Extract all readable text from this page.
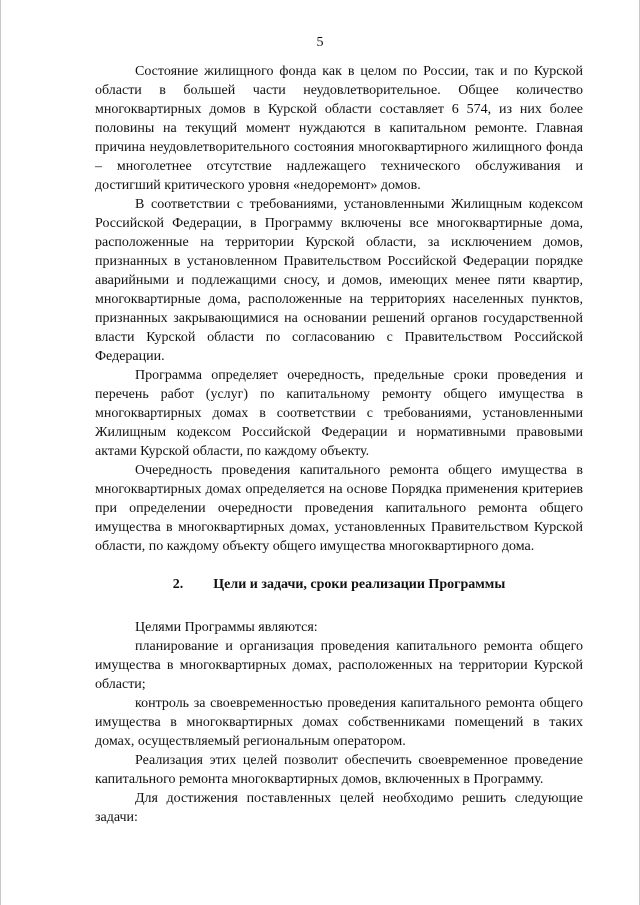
5

Состояние жилищного фонда как в целом по России, так и по Курской области в большей части неудовлетворительное. Общее количество многоквартирных домов в Курской области составляет 6 574, из них более половины на текущий момент нуждаются в капитальном ремонте. Главная причина неудовлетворительного состояния многоквартирного жилищного фонда – многолетнее отсутствие надлежащего технического обслуживания и достигший критического уровня «недоремонт» домов.

В соответствии с требованиями, установленными Жилищным кодексом Российской Федерации, в Программу включены все многоквартирные дома, расположенные на территории Курской области, за исключением домов, признанных в установленном Правительством Российской Федерации порядке аварийными и подлежащими сносу, и домов, имеющих менее пяти квартир, многоквартирные дома, расположенные на территориях населенных пунктов, признанных закрывающимися на основании решений органов государственной власти Курской области по согласованию с Правительством Российской Федерации.

Программа определяет очередность, предельные сроки проведения и перечень работ (услуг) по капитальному ремонту общего имущества в многоквартирных домах в соответствии с требованиями, установленными Жилищным кодексом Российской Федерации и нормативными правовыми актами Курской области, по каждому объекту.

Очередность проведения капитального ремонта общего имущества в многоквартирных домах определяется на основе Порядка применения критериев при определении очередности проведения капитального ремонта общего имущества в многоквартирных домах, установленных Правительством Курской области, по каждому объекту общего имущества многоквартирного дома.

2. Цели и задачи, сроки реализации Программы

Целями Программы являются:

планирование и организация проведения капитального ремонта общего имущества в многоквартирных домах, расположенных на территории Курской области;

контроль за своевременностью проведения капитального ремонта общего имущества в многоквартирных домах собственниками помещений в таких домах, осуществляемый региональным оператором.

Реализация этих целей позволит обеспечить своевременное проведение капитального ремонта многоквартирных домов, включенных в Программу.

Для достижения поставленных целей необходимо решить следующие задачи:
